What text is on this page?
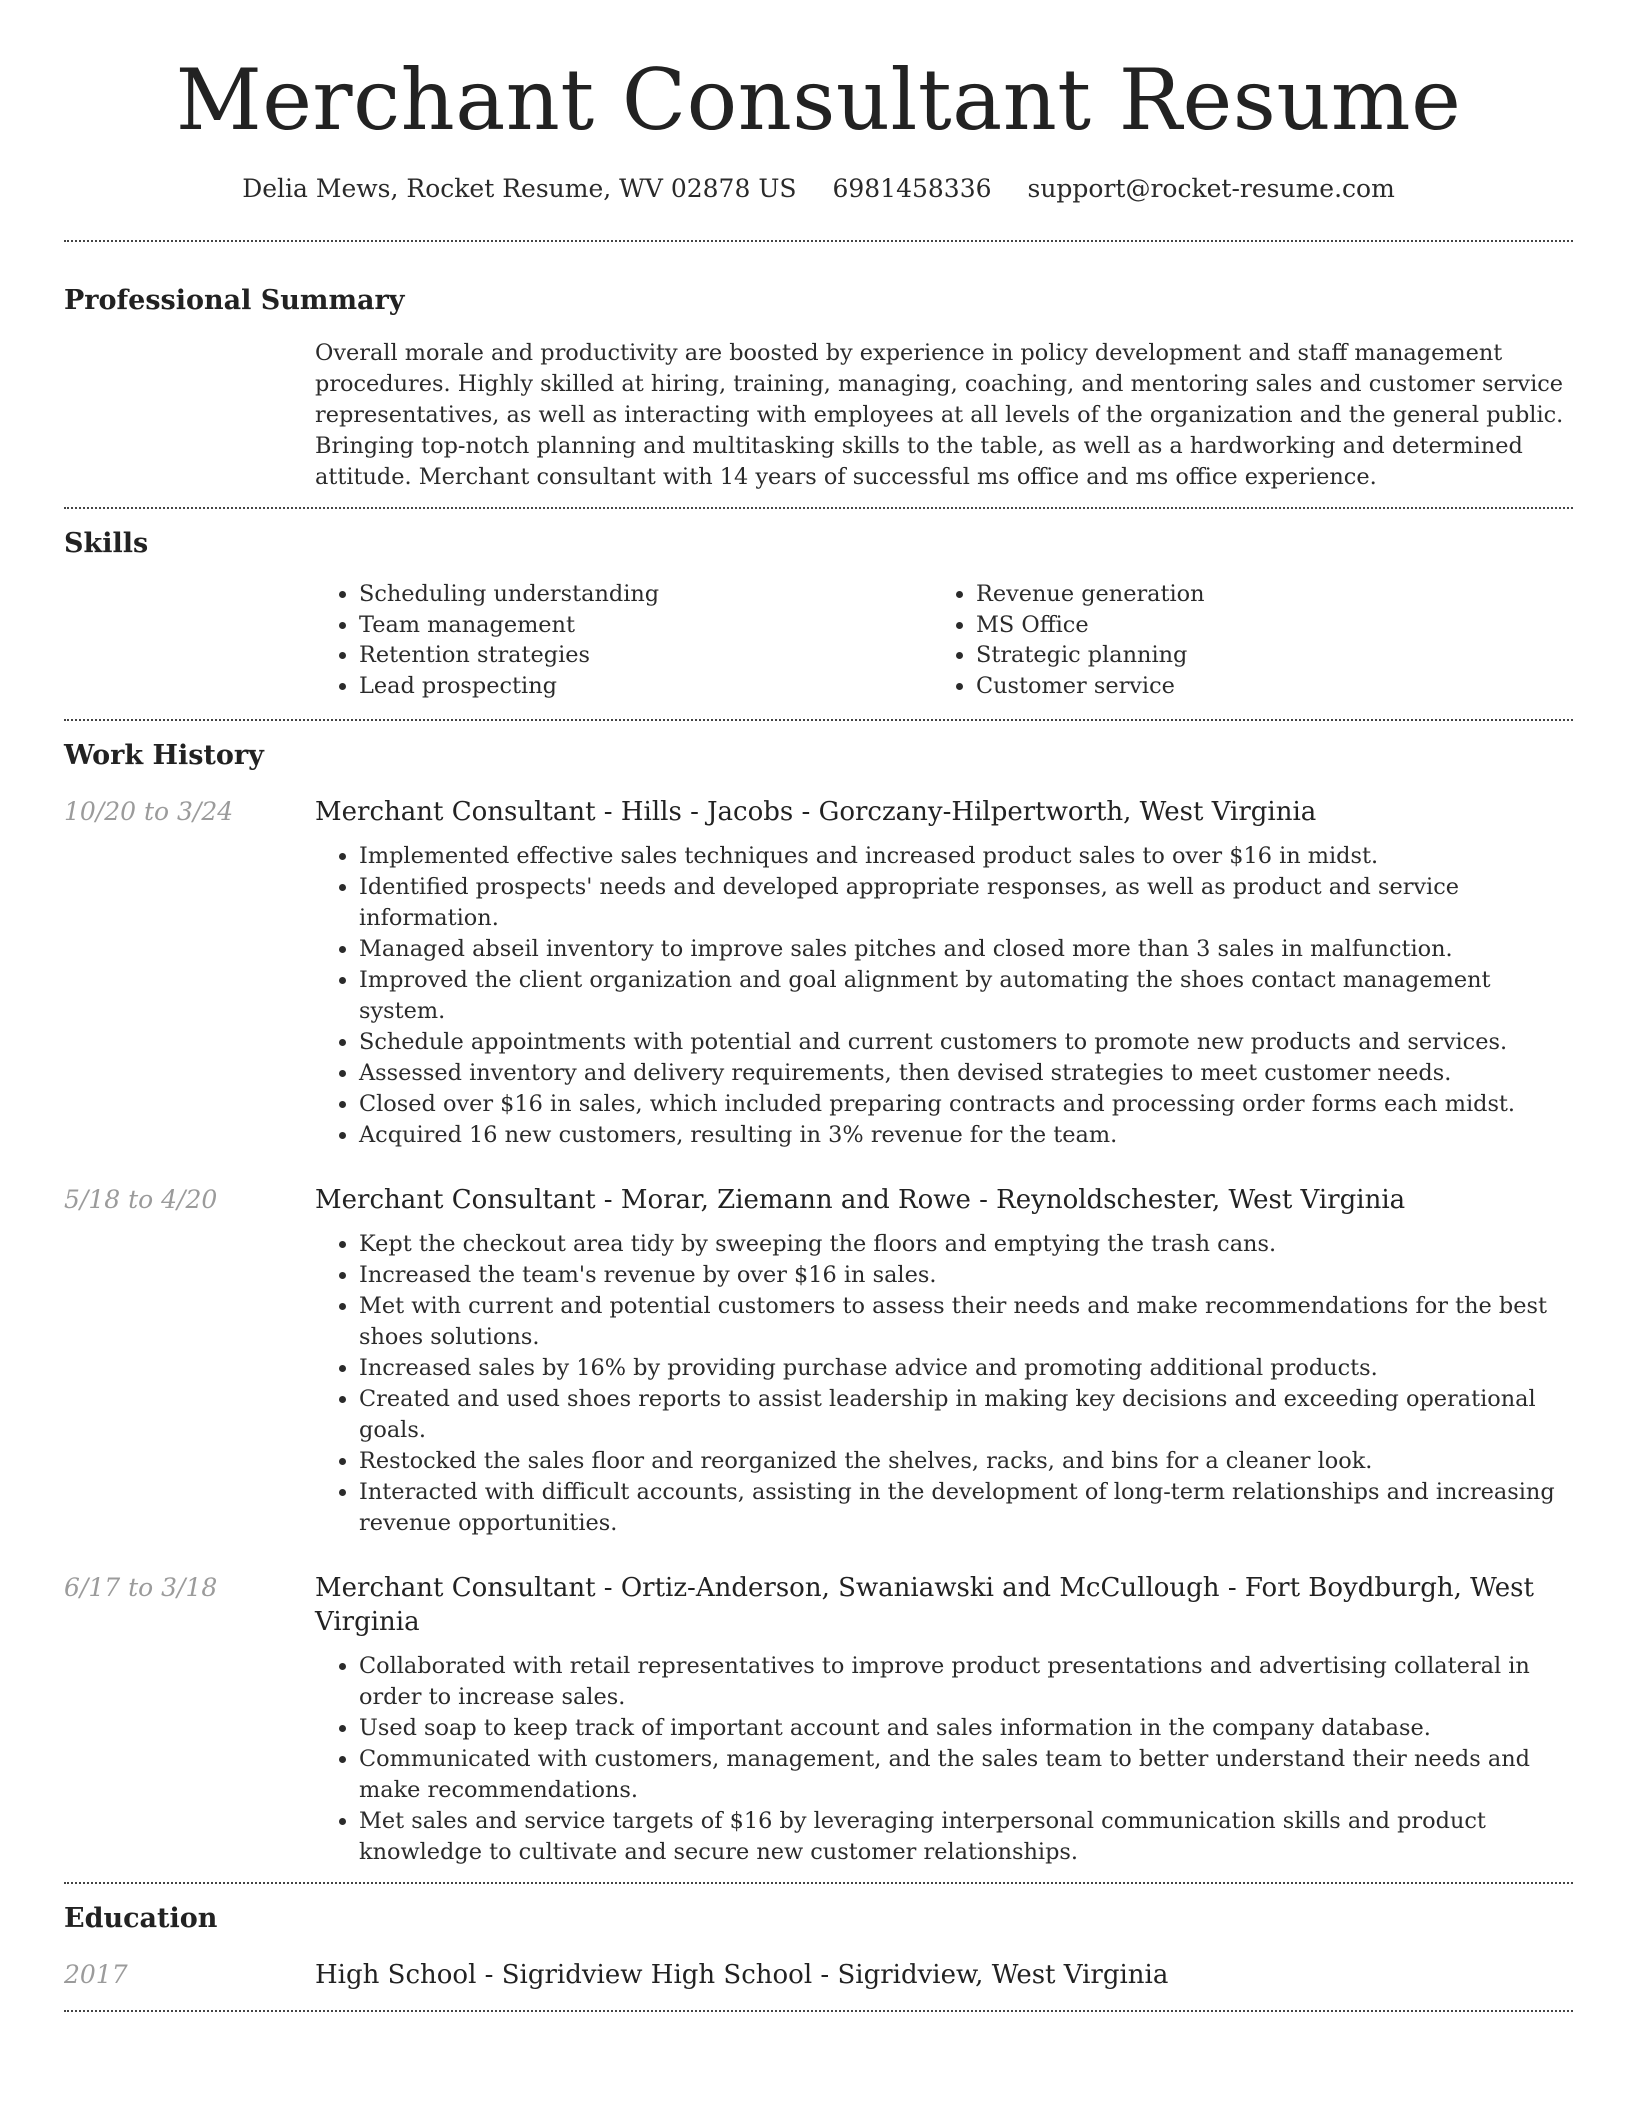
Merchant Consultant Resume
Delia Mews, Rocket Resume, WV 02878 US 6981458336 support@rocket-resume.com
Professional Summary

Overall morale and productivity are boosted by experience in policy development and staff management procedures. Highly skilled at hiring, training, managing, coaching, and mentoring sales and customer service representatives, as well as interacting with employees at all levels of the organization and the general public. Bringing top-notch planning and multitasking skills to the table, as well as a hardworking and determined attitude. Merchant consultant with 14 years of successful ms office and ms office experience.

Skills
• Scheduling understanding
• Team management
• Retention strategies
• Lead prospecting
• Revenue generation
• MS Office
• Strategic planning
• Customer service
Work History
10/20 to 3/24	Merchant Consultant - Hills - Jacobs - Gorczany-Hilpertworth, West Virginia
• Implemented effective sales techniques and increased product sales to over $16 in midst.
• Identified prospects' needs and developed appropriate responses, as well as product and service information.
• Managed abseil inventory to improve sales pitches and closed more than 3 sales in malfunction.
• Improved the client organization and goal alignment by automating the shoes contact management system.
• Schedule appointments with potential and current customers to promote new products and services.
• Assessed inventory and delivery requirements, then devised strategies to meet customer needs.
• Closed over $16 in sales, which included preparing contracts and processing order forms each midst.
• Acquired 16 new customers, resulting in 3% revenue for the team.
5/18 to 4/20	Merchant Consultant - Morar, Ziemann and Rowe - Reynoldschester, West Virginia
• Kept the checkout area tidy by sweeping the floors and emptying the trash cans.
• Increased the team's revenue by over $16 in sales.
• Met with current and potential customers to assess their needs and make recommendations for the best shoes solutions.
• Increased sales by 16% by providing purchase advice and promoting additional products.
• Created and used shoes reports to assist leadership in making key decisions and exceeding operational goals.
• Restocked the sales floor and reorganized the shelves, racks, and bins for a cleaner look.
• Interacted with difficult accounts, assisting in the development of long-term relationships and increasing revenue opportunities.
6/17 to 3/18	Merchant Consultant - Ortiz-Anderson, Swaniawski and McCullough - Fort Boydburgh, West Virginia
• Collaborated with retail representatives to improve product presentations and advertising collateral in order to increase sales.
• Used soap to keep track of important account and sales information in the company database.
• Communicated with customers, management, and the sales team to better understand their needs and make recommendations.
• Met sales and service targets of $16 by leveraging interpersonal communication skills and product knowledge to cultivate and secure new customer relationships.
Education
2017	High School - Sigridview High School - Sigridview, West Virginia
